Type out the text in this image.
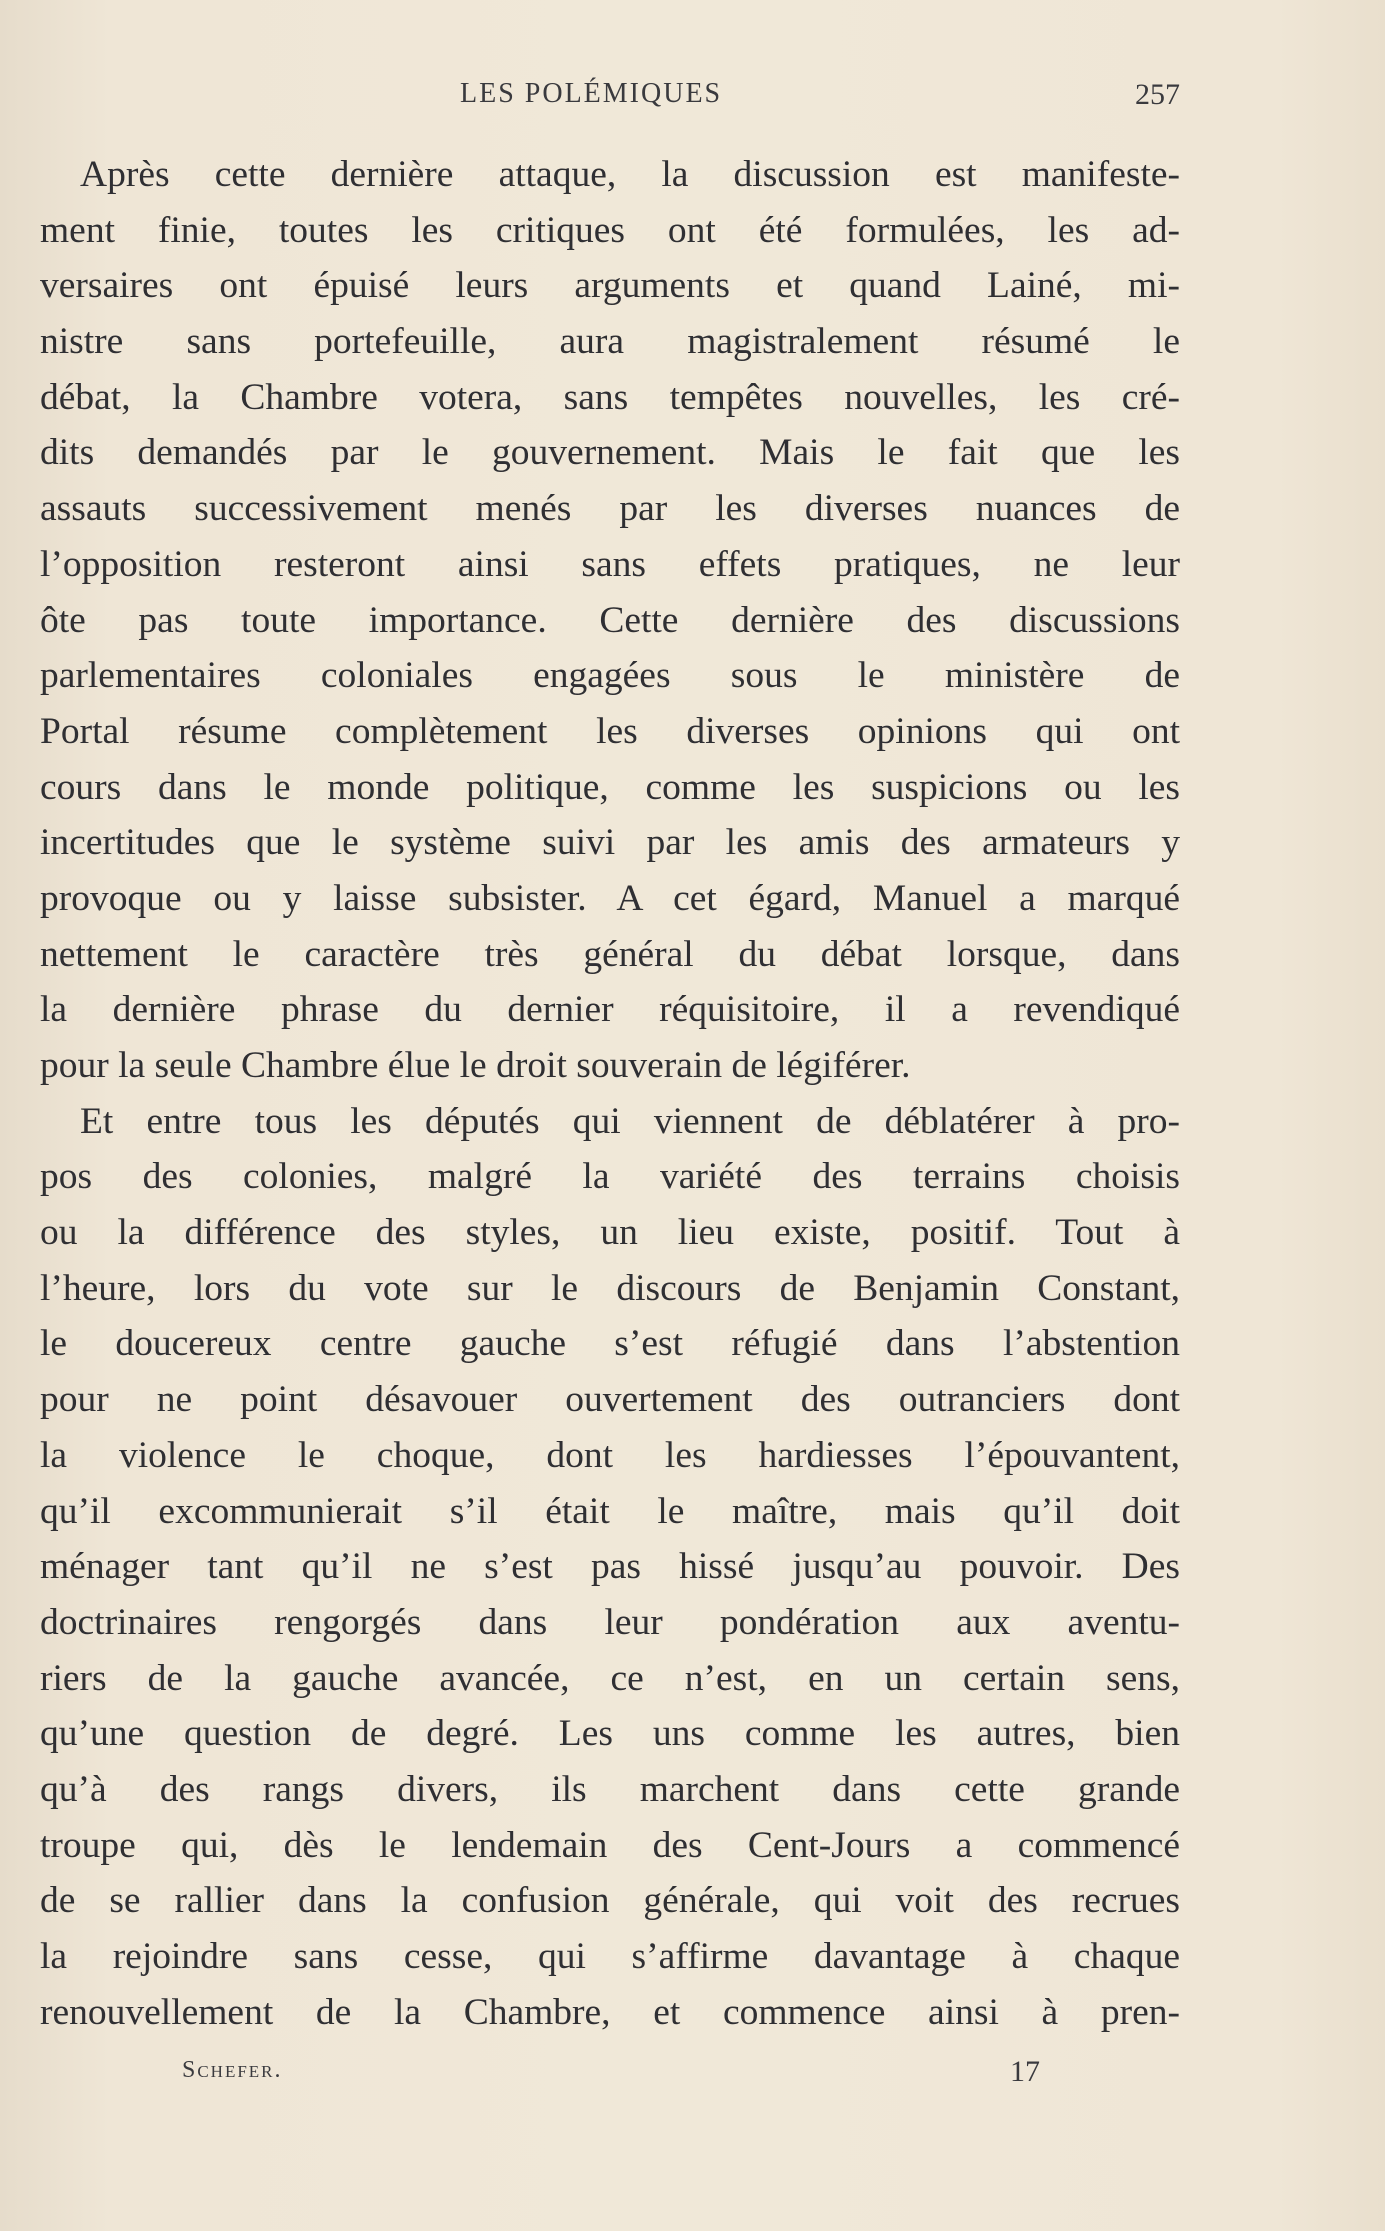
LES POLÉMIQUES	257
Après cette dernière attaque, la discussion est manifeste-
ment finie, toutes les critiques ont été formulées, les ad-
versaires ont épuisé leurs arguments et quand Lainé, mi-
nistre sans portefeuille, aura magistralement résumé le
débat, la Chambre votera, sans tempêtes nouvelles, les cré-
dits demandés par le gouvernement. Mais le fait que les
assauts successivement menés par les diverses nuances de
l’opposition resteront ainsi sans effets pratiques, ne leur
ôte pas toute importance. Cette dernière des discussions
parlementaires coloniales engagées sous le ministère de
Portal résume complètement les diverses opinions qui ont
cours dans le monde politique, comme les suspicions ou les
incertitudes que le système suivi par les amis des armateurs y
provoque ou y laisse subsister. A cet égard, Manuel a marqué
nettement le caractère très général du débat lorsque, dans
la dernière phrase du dernier réquisitoire, il a revendiqué
pour la seule Chambre élue le droit souverain de légiférer.
Et entre tous les députés qui viennent de déblatérer à pro-
pos des colonies, malgré la variété des terrains choisis
ou la différence des styles, un lieu existe, positif. Tout à
l’heure, lors du vote sur le discours de Benjamin Constant,
le doucereux centre gauche s’est réfugié dans l’abstention
pour ne point désavouer ouvertement des outranciers dont
la violence le choque, dont les hardiesses l’épouvantent,
qu’il excommunierait s’il était le maître, mais qu’il doit
ménager tant qu’il ne s’est pas hissé jusqu’au pouvoir. Des
doctrinaires rengorgés dans leur pondération aux aventu-
riers de la gauche avancée, ce n’est, en un certain sens,
qu’une question de degré. Les uns comme les autres, bien
qu’à des rangs divers, ils marchent dans cette grande
troupe qui, dès le lendemain des Cent-Jours a commencé
de se rallier dans la confusion générale, qui voit des recrues
la rejoindre sans cesse, qui s’affirme davantage à chaque
renouvellement de la Chambre, et commence ainsi à pren-
Schefer.	17
